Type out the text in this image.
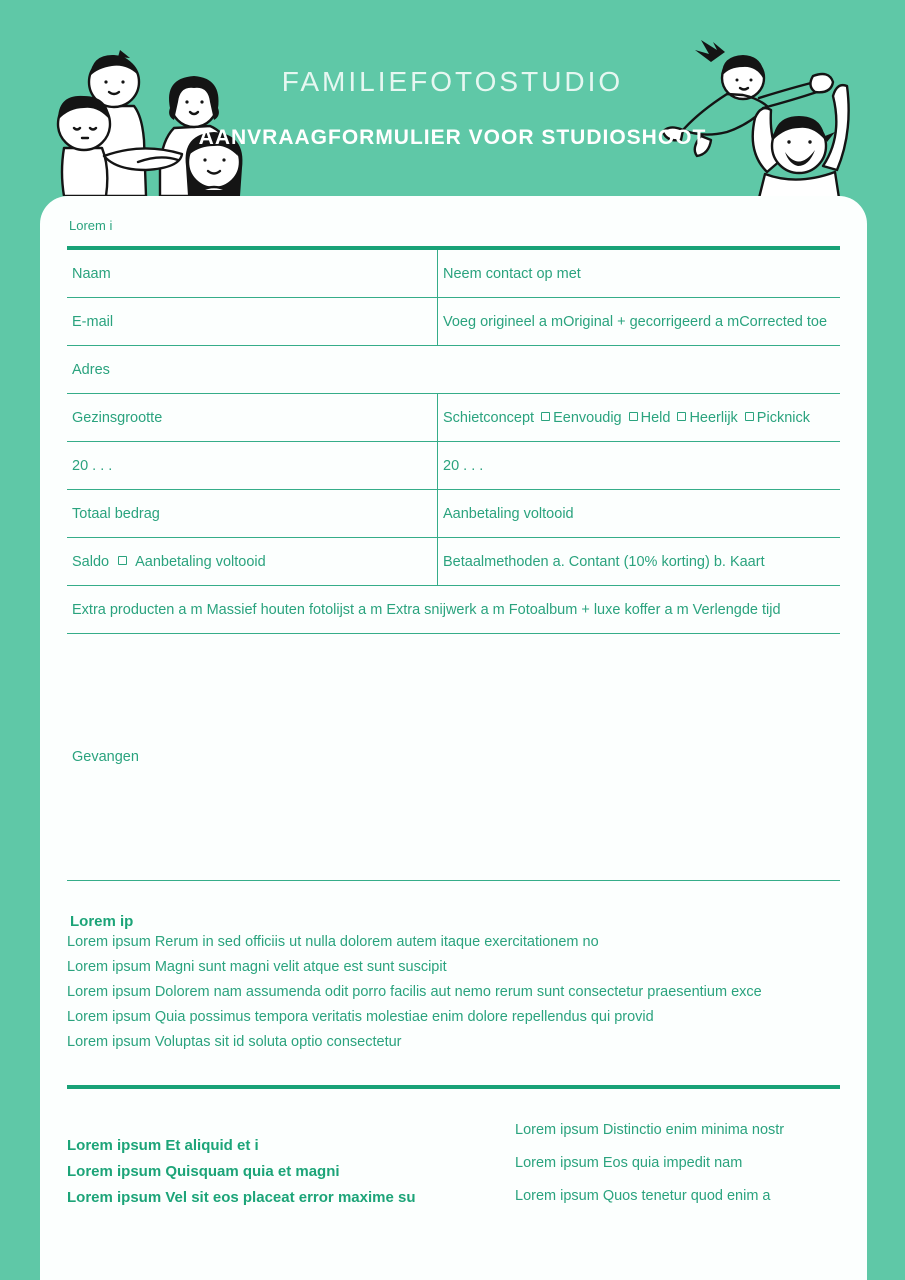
FAMILIEFOTOSTUDIO
AANVRAAGFORMULIER VOOR STUDIOSHOOT
Lorem i
Naam	Neem contact op met
E-mail	Voeg origineel a mOriginal + gecorrigeerd a mCorrected toe
Adres
Gezinsgrootte	Schietconcept Eenvoudig Held Heerlijk Picknick
20 . . .	20 . . .
Totaal bedrag	Aanbetaling voltooid
Saldo Aanbetaling voltooid	Betaalmethoden a. Contant (10% korting) b. Kaart
Extra producten a m Massief houten fotolijst a m Extra snijwerk a m Fotoalbum + luxe koffer a m Verlengde tijd
Gevangen
Lorem ip
Lorem ipsum Rerum in sed officiis ut nulla dolorem autem itaque exercitationem no
Lorem ipsum Magni sunt magni velit atque est sunt suscipit
Lorem ipsum Dolorem nam assumenda odit porro facilis aut nemo rerum sunt consectetur praesentium exce
Lorem ipsum Quia possimus tempora veritatis molestiae enim dolore repellendus qui provid
Lorem ipsum Voluptas sit id soluta optio consectetur
Lorem ipsum Et aliquid et i
Lorem ipsum Quisquam quia et magni
Lorem ipsum Vel sit eos placeat error maxime su
Lorem ipsum Distinctio enim minima nostr
Lorem ipsum Eos quia impedit nam
Lorem ipsum Quos tenetur quod enim a
